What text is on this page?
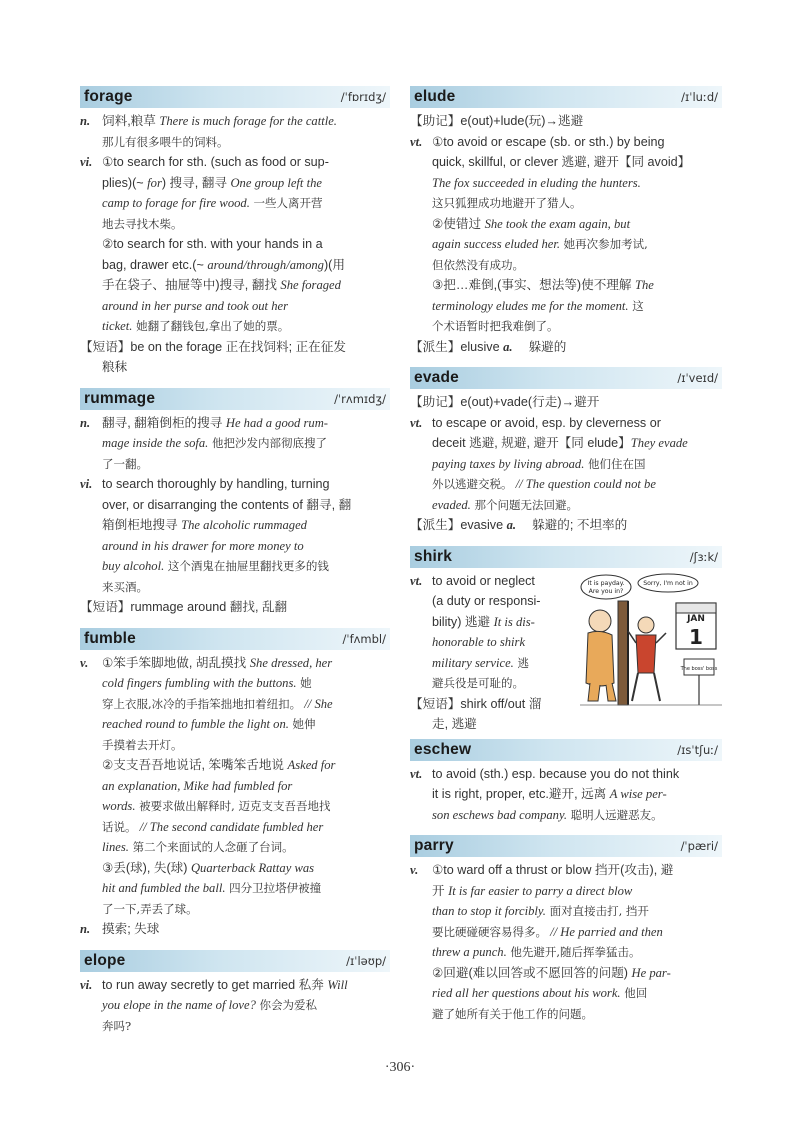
forage	/ˈfɒrɪdʒ/
n. 饲料,粮草 There is much forage for the cattle.
那儿有很多喂牛的饲料。
vi. ①to search for sth. (such as food or sup-
plies)(~ for) 搜寻, 翻寻 One group left the
camp to forage for fire wood. 一些人离开营
地去寻找木柴。
②to search for sth. with your hands in a
bag, drawer etc.(~ around/through/among)(用
手在袋子、抽屉等中)搜寻, 翻找 She foraged
around in her purse and took out her
ticket. 她翻了翻钱包,拿出了她的票。
【短语】be on the forage 正在找饲料; 正在征发
粮秣
rummage	/ˈrʌmɪdʒ/
n. 翻寻, 翻箱倒柜的搜寻 He had a good rum-
mage inside the sofa. 他把沙发内部彻底搜了
了一翻。
vi. to search thoroughly by handling, turning
over, or disarranging the contents of 翻寻, 翻
箱倒柜地搜寻 The alcoholic rummaged
around in his drawer for more money to
buy alcohol. 这个酒鬼在抽屉里翻找更多的钱
来买酒。
【短语】rummage around 翻找, 乱翻
fumble	/ˈfʌmbl/
v. ①笨手笨脚地做, 胡乱摸找 She dressed, her
cold fingers fumbling with the buttons. 她
穿上衣服,冰冷的手指笨拙地扣着纽扣。 // She
reached round to fumble the light on. 她伸
手摸着去开灯。
②支支吾吾地说话, 笨嘴笨舌地说 Asked for
an explanation, Mike had fumbled for
words. 被要求做出解释时, 迈克支支吾吾地找
话说。 // The second candidate fumbled her
lines. 第二个来面试的人念砸了台词。
③丢(球), 失(球) Quarterback Rattay was
hit and fumbled the ball. 四分卫拉塔伊被撞
了一下,弄丢了球。
n. 摸索; 失球
elope	/ɪˈləʊp/
vi. to run away secretly to get married 私奔 Will
you elope in the name of love? 你会为爱私
奔吗?
elude	/ɪˈluːd/
【助记】e(out)+lude(玩)→逃避
vt. ①to avoid or escape (sb. or sth.) by being
quick, skillful, or clever 逃避, 避开【同 avoid】
The fox succeeded in eluding the hunters.
这只狐狸成功地避开了猎人。
②使错过 She took the exam again, but
again success eluded her. 她再次参加考试,
但依然没有成功。
③把…难倒,(事实、想法等)使不理解 The
terminology eludes me for the moment. 这
个术语暂时把我难倒了。
【派生】elusive a. 躲避的
evade	/ɪˈveɪd/
【助记】e(out)+vade(行走)→避开
vt. to escape or avoid, esp. by cleverness or
deceit 逃避, 规避, 避开【同 elude】They evade
paying taxes by living abroad. 他们住在国
外以逃避交税。 // The question could not be
evaded. 那个问题无法回避。
【派生】evasive a. 躲避的; 不坦率的
shirk	/ʃɜːk/
vt. to avoid or neglect
(a duty or responsi-
bility) 逃避 It is dis-
honorable to shirk
military service. 逃
避兵役是可耻的。
【短语】shirk off/out 溜
走, 逃避
It is payday.
Are you in?
Sorry, I'm not in
JAN
1
The boss' boss
eschew	/ɪsˈtʃuː/
vt. to avoid (sth.) esp. because you do not think
it is right, proper, etc.避开, 远离 A wise per-
son eschews bad company. 聪明人远避恶友。
parry	/ˈpæri/
v. ①to ward off a thrust or blow 挡开(攻击), 避
开 It is far easier to parry a direct blow
than to stop it forcibly. 面对直接击打, 挡开
要比硬碰硬容易得多。 // He parried and then
threw a punch. 他先避开,随后挥拳猛击。
②回避(难以回答或不愿回答的问题) He par-
ried all her questions about his work. 他回
避了她所有关于他工作的问题。
·306·
